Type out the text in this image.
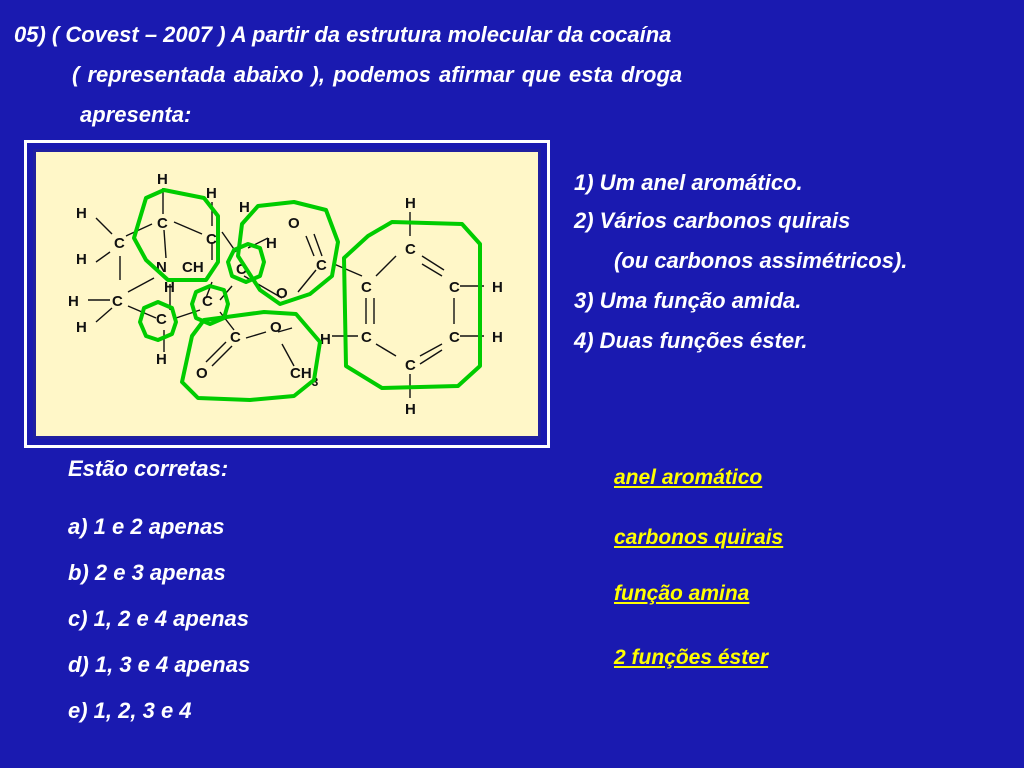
05) ( Covest – 2007 ) A partir da estrutura molecular da cocaína
( representada abaixo ), podemos afirmar que esta droga
apresenta:
H
H
H
C
H
C	C
H	N CH
H
C
O
C
H
H C	C	O
C
H	O
C
H
O	$CH_3$
H
C
C	C H
H C	C H
C
H
1) Um anel aromático.
2) Vários carbonos quirais
(ou carbonos assimétricos).
3) Uma função amida.
4) Duas funções éster.
Estão corretas:
a) 1 e 2 apenas
b) 2 e 3 apenas
c) 1, 2 e 4 apenas
d) 1, 3 e 4 apenas
e) 1, 2, 3 e 4
anel aromático
carbonos quirais
função amina
2 funções éster
